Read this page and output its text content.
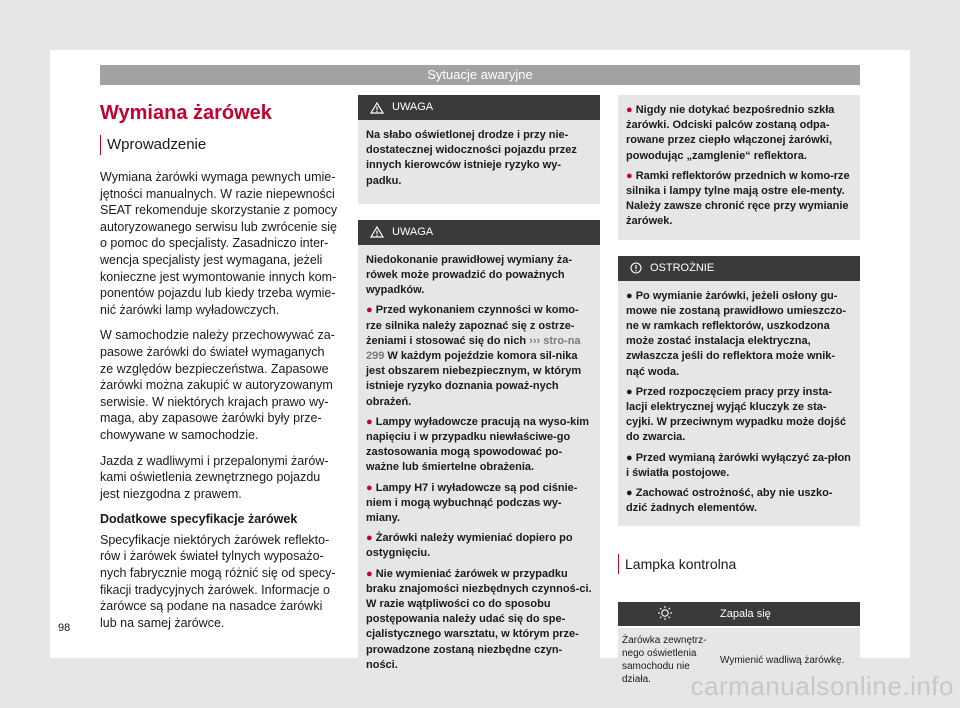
Sytuacje awaryjne
Wymiana żarówek
Wprowadzenie

Wymiana żarówki wymaga pewnych umie-jętności manualnych. W razie niepewności SEAT rekomenduje skorzystanie z pomocy autoryzowanego serwisu lub zwrócenie się o pomoc do specjalisty. Zasadniczo inter-wencja specjalisty jest wymagana, jeżeli konieczne jest wymontowanie innych kom-ponentów pojazdu lub kiedy trzeba wymie-nić żarówki lamp wyładowczych.

W samochodzie należy przechowywać za-pasowe żarówki do świateł wymaganych ze względów bezpieczeństwa. Zapasowe żarówki można zakupić w autoryzowanym serwisie. W niektórych krajach prawo wy-maga, aby zapasowe żarówki były prze-chowywane w samochodzie.

Jazda z wadliwymi i przepalonymi żarów-kami oświetlenia zewnętrznego pojazdu jest niezgodna z prawem.

Dodatkowe specyfikacje żarówek

Specyfikacje niektórych żarówek reflekto-rów i żarówek świateł tylnych wyposażo-nych fabrycznie mogą różnić się od specy-fikacji tradycyjnych żarówek. Informacje o żarówce są podane na nasadce żarówki lub na samej żarówce.

UWAGA

Na słabo oświetlonej drodze i przy nie-dostatecznej widoczności pojazdu przez innych kierowców istnieje ryzyko wy-padku.

UWAGA

Niedokonanie prawidłowej wymiany ża-rówek może prowadzić do poważnych wypadków.

● Przed wykonaniem czynności w komo-rze silnika należy zapoznać się z ostrze-żeniami i stosować się do nich ››› stro-na 299 W każdym pojeździe komora sil-nika jest obszarem niebezpiecznym, w którym istnieje ryzyko doznania poważ-nych obrażeń.

● Lampy wyładowcze pracują na wyso-kim napięciu i w przypadku niewłaściwe-go zastosowania mogą spowodować po-ważne lub śmiertelne obrażenia.

● Lampy H7 i wyładowcze są pod ciśnie-niem i mogą wybuchnąć podczas wy-miany.

● Żarówki należy wymieniać dopiero po ostygnięciu.

● Nie wymieniać żarówek w przypadku braku znajomości niezbędnych czynnoś-ci. W razie wątpliwości co do sposobu postępowania należy udać się do spe-cjalistycznego warsztatu, w którym prze-prowadzone zostaną niezbędne czyn-ności.

● Nigdy nie dotykać bezpośrednio szkła żarówki. Odciski palców zostaną odpa-rowane przez ciepło włączonej żarówki, powodując „zamglenie“ reflektora.

● Ramki reflektorów przednich w komo-rze silnika i lampy tylne mają ostre ele-menty. Należy zawsze chronić ręce przy wymianie żarówek.

OSTROŻNIE

● Po wymianie żarówki, jeżeli osłony gu-mowe nie zostaną prawidłowo umieszczo-ne w ramkach reflektorów, uszkodzona może zostać instalacja elektryczna, zwłaszcza jeśli do reflektora może wnik-nąć woda.

● Przed rozpoczęciem pracy przy insta-lacji elektrycznej wyjąć kluczyk ze sta-cyjki. W przeciwnym wypadku może dojść do zwarcia.

● Przed wymianą żarówki wyłączyć za-płon i światła postojowe.

● Zachować ostrożność, aby nie uszko-dzić żadnych elementów.

Lampka kontrolna
	Zapala się
Żarówka zewnętrz-nego oświetlenia samochodu nie działa.	Wymienić wadliwą żarówkę.
98
carmanualsonline.info
